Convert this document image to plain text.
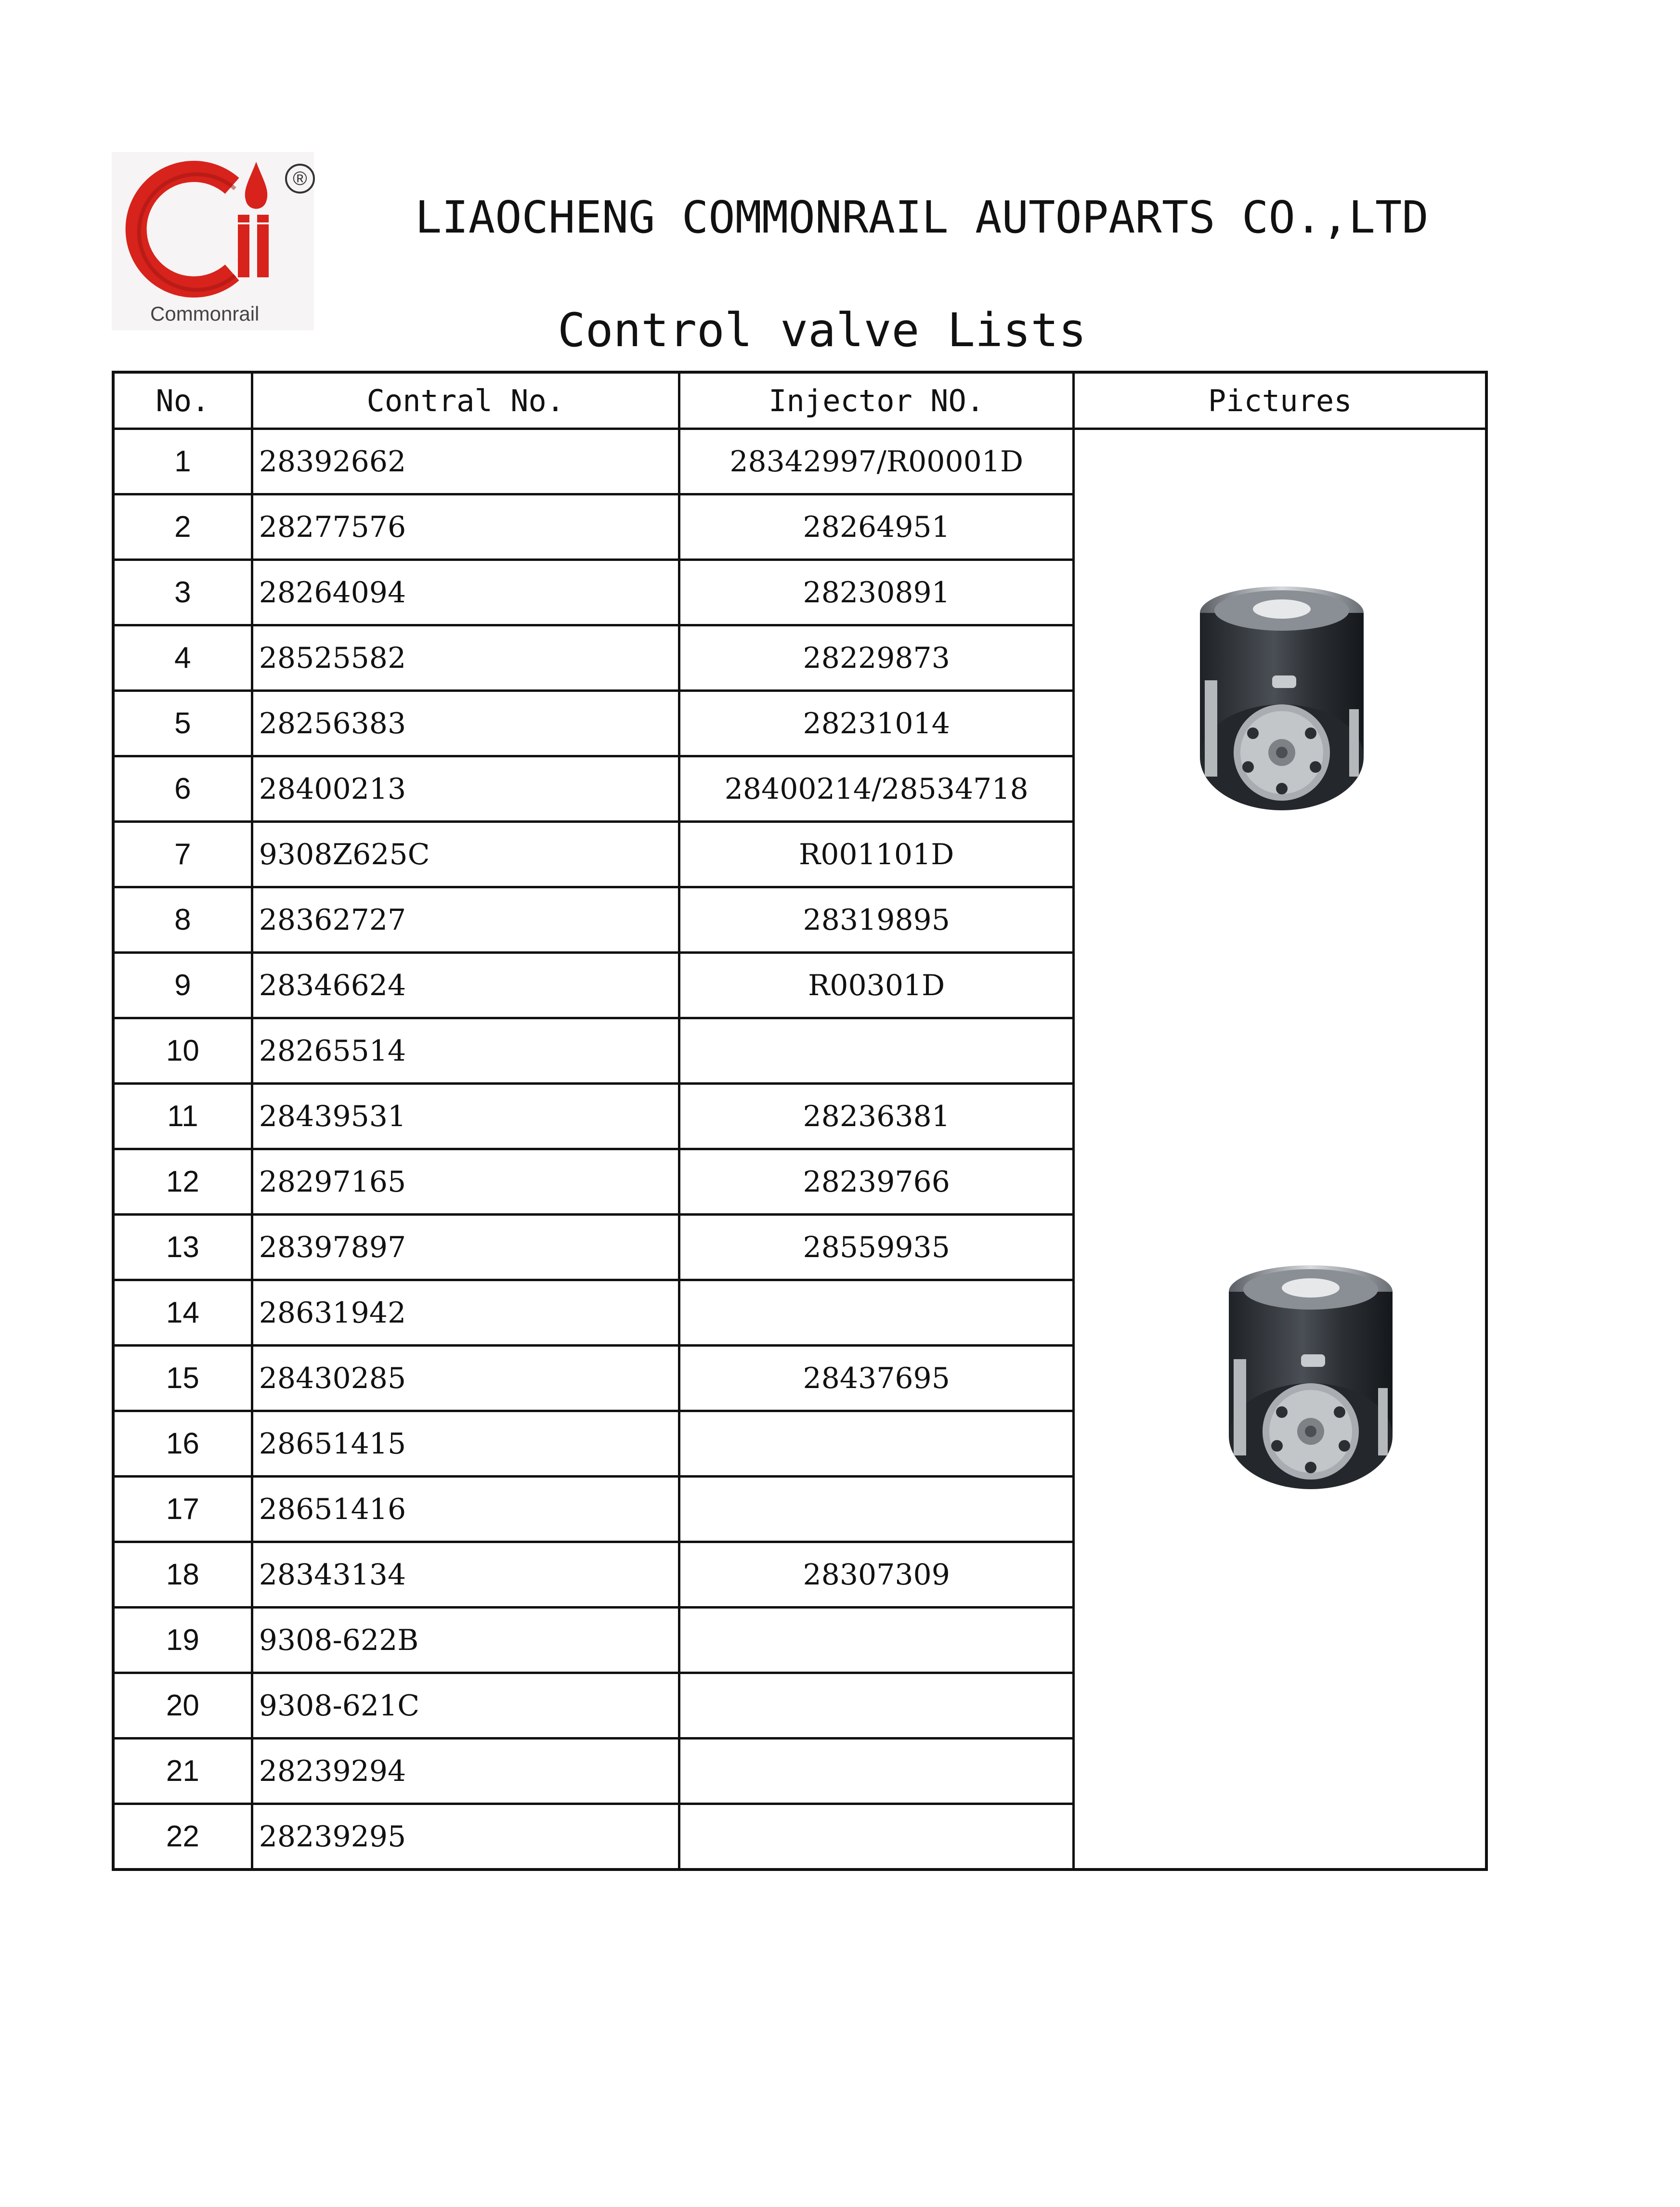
Commonrail
®
LIAOCHENG COMMONRAIL AUTOPARTS CO.,LTD
Control valve Lists
No.	Contral No.	Injector NO.	Pictures
1	28392662	28342997/R00001D	

2	28277576	28264951	
3	28264094	28230891	
4	28525582	28229873	
5	28256383	28231014	
6	28400213	28400214/28534718	
7	9308Z625C	R001101D	
8	28362727	28319895	
9	28346624	R00301D	
10	28265514		
11	28439531	28236381	
12	28297165	28239766	
13	28397897	28559935	
14	28631942		
15	28430285	28437695	
16	28651415		
17	28651416		
18	28343134	28307309	
19	9308-622B		
20	9308-621C		
21	28239294		
22	28239295		
